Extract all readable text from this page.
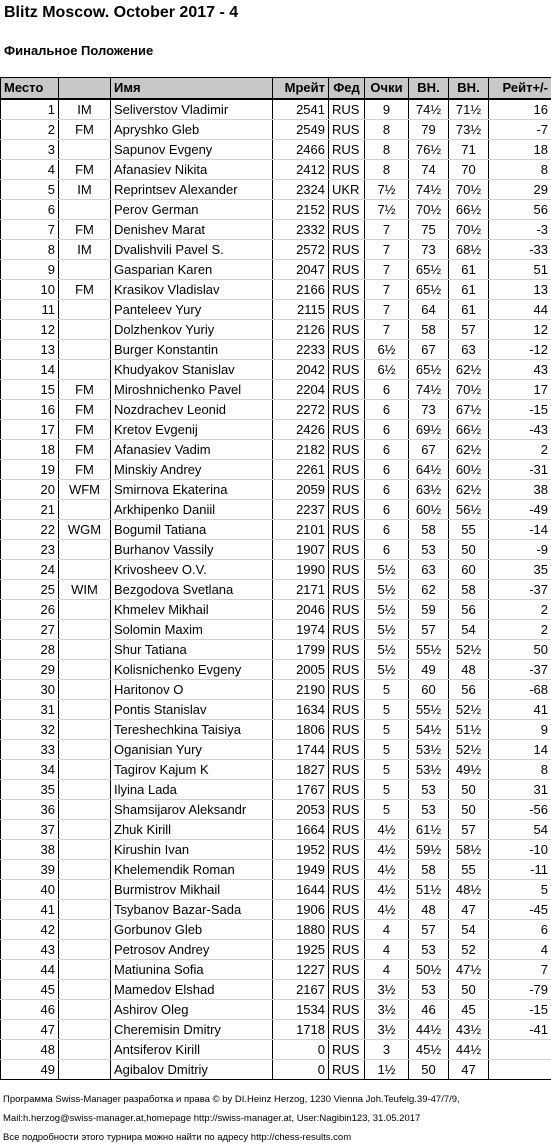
Blitz Moscow. October 2017 - 4
Финальное Положение
Место		Имя	Мрейт	Фед	Очки	ВН.	ВН.	Рейт+/-
1	IM	Seliverstov Vladimir	2541	RUS	9	74½	71½	16
2	FM	Apryshko Gleb	2549	RUS	8	79	73½	-7
3		Sapunov Evgeny	2466	RUS	8	76½	71	18
4	FM	Afanasiev Nikita	2412	RUS	8	74	70	8
5	IM	Reprintsev Alexander	2324	UKR	7½	74½	70½	29
6		Perov German	2152	RUS	7½	70½	66½	56
7	FM	Denishev Marat	2332	RUS	7	75	70½	-3
8	IM	Dvalishvili Pavel S.	2572	RUS	7	73	68½	-33
9		Gasparian Karen	2047	RUS	7	65½	61	51
10	FM	Krasikov Vladislav	2166	RUS	7	65½	61	13
11		Panteleev Yury	2115	RUS	7	64	61	44
12		Dolzhenkov Yuriy	2126	RUS	7	58	57	12
13		Burger Konstantin	2233	RUS	6½	67	63	-12
14		Khudyakov Stanislav	2042	RUS	6½	65½	62½	43
15	FM	Miroshnichenko Pavel	2204	RUS	6	74½	70½	17
16	FM	Nozdrachev Leonid	2272	RUS	6	73	67½	-15
17	FM	Kretov Evgenij	2426	RUS	6	69½	66½	-43
18	FM	Afanasiev Vadim	2182	RUS	6	67	62½	2
19	FM	Minskiy Andrey	2261	RUS	6	64½	60½	-31
20	WFM	Smirnova Ekaterina	2059	RUS	6	63½	62½	38
21		Arkhipenko Daniil	2237	RUS	6	60½	56½	-49
22	WGM	Bogumil Tatiana	2101	RUS	6	58	55	-14
23		Burhanov Vassily	1907	RUS	6	53	50	-9
24		Krivosheev O.V.	1990	RUS	5½	63	60	35
25	WIM	Bezgodova Svetlana	2171	RUS	5½	62	58	-37
26		Khmelev Mikhail	2046	RUS	5½	59	56	2
27		Solomin Maxim	1974	RUS	5½	57	54	2
28		Shur Tatiana	1799	RUS	5½	55½	52½	50
29		Kolisnichenko Evgeny	2005	RUS	5½	49	48	-37
30		Haritonov O	2190	RUS	5	60	56	-68
31		Pontis Stanislav	1634	RUS	5	55½	52½	41
32		Tereshechkina Taisiya	1806	RUS	5	54½	51½	9
33		Oganisian Yury	1744	RUS	5	53½	52½	14
34		Tagirov Kajum K	1827	RUS	5	53½	49½	8
35		Ilyina Lada	1767	RUS	5	53	50	31
36		Shamsijarov Aleksandr	2053	RUS	5	53	50	-56
37		Zhuk Kirill	1664	RUS	4½	61½	57	54
38		Kirushin Ivan	1952	RUS	4½	59½	58½	-10
39		Khelemendik Roman	1949	RUS	4½	58	55	-11
40		Burmistrov Mikhail	1644	RUS	4½	51½	48½	5
41		Tsybanov Bazar-Sada	1906	RUS	4½	48	47	-45
42		Gorbunov Gleb	1880	RUS	4	57	54	6
43		Petrosov Andrey	1925	RUS	4	53	52	4
44		Matiunina Sofia	1227	RUS	4	50½	47½	7
45		Mamedov Elshad	2167	RUS	3½	53	50	-79
46		Ashirov Oleg	1534	RUS	3½	46	45	-15
47		Cheremisin Dmitry	1718	RUS	3½	44½	43½	-41
48		Antsiferov Kirill	0	RUS	3	45½	44½	
49		Agibalov Dmitriy	0	RUS	1½	50	47	
Программа Swiss-Manager разработка и права © by DI.Heinz Herzog, 1230 Vienna Joh.Teufelg.39-47/7/9,
Mail:h.herzog@swiss-manager.at,homepage http://swiss-manager.at, User:Nagibin123, 31.05.2017
Все подробности этого турнира можно найти по адресу http://chess-results.com
